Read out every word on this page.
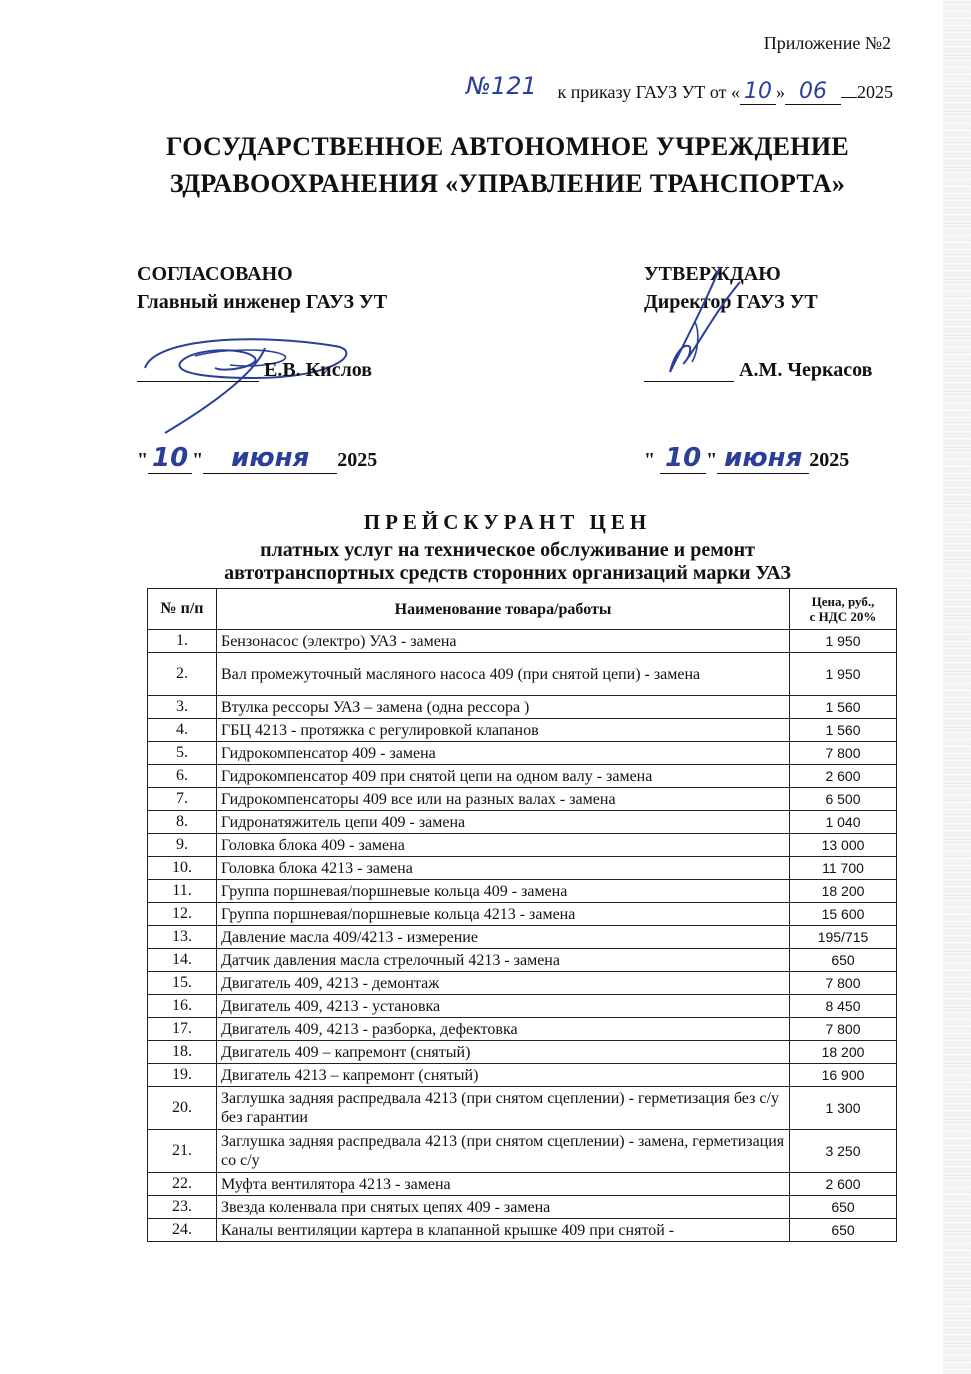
Приложение №2
№121 к приказу ГАУЗ УТ от « 10 » 06 2025
ГОСУДАРСТВЕННОЕ АВТОНОМНОЕ УЧРЕЖДЕНИЕ
ЗДРАВООХРАНЕНИЯ «УПРАВЛЕНИЕ ТРАНСПОРТА»
СОГЛАСОВАНО
Главный инженер ГАУЗ УТ
Е.В. Кислов
" 10 " июня 2025
УТВЕРЖДАЮ
Директор ГАУЗ УТ
А.М. Черкасов
" 10 " июня 2025
ПРЕЙСКУРАНТ ЦЕН
платных услуг на техническое обслуживание и ремонт
автотранспортных средств сторонних организаций марки УАЗ
№ п/п	Наименование товара/работы	Цена, руб.,
с НДС 20%

1.	Бензонасос (электро) УАЗ - замена	1 950
2.	Вал промежуточный масляного насоса 409 (при снятой цепи) - замена	1 950
3.	Втулка рессоры УАЗ – замена (одна рессора )	1 560
4.	ГБЦ 4213 - протяжка с регулировкой клапанов	1 560
5.	Гидрокомпенсатор 409 - замена	7 800
6.	Гидрокомпенсатор 409 при снятой цепи на одном валу - замена	2 600
7.	Гидрокомпенсаторы 409 все или на разных валах - замена	6 500
8.	Гидронатяжитель цепи 409 - замена	1 040
9.	Головка блока 409 - замена	13 000
10.	Головка блока 4213 - замена	11 700
11.	Группа поршневая/поршневые кольца 409 - замена	18 200
12.	Группа поршневая/поршневые кольца 4213 - замена	15 600
13.	Давление масла 409/4213 - измерение	195/715
14.	Датчик давления масла стрелочный 4213 - замена	650
15.	Двигатель 409, 4213 - демонтаж	7 800
16.	Двигатель 409, 4213 - установка	8 450
17.	Двигатель 409, 4213 - разборка, дефектовка	7 800
18.	Двигатель 409 – капремонт (снятый)	18 200
19.	Двигатель 4213 – капремонт (снятый)	16 900
20.	Заглушка задняя распредвала 4213 (при снятом сцеплении) - герметизация без с/у без гарантии	1 300
21.	Заглушка задняя распредвала 4213 (при снятом сцеплении) - замена, герметизация со с/у	3 250
22.	Муфта вентилятора 4213 - замена	2 600
23.	Звезда коленвала при снятых цепях 409 - замена	650
24.	Каналы вентиляции картера в клапанной крышке 409 при снятой -	650
